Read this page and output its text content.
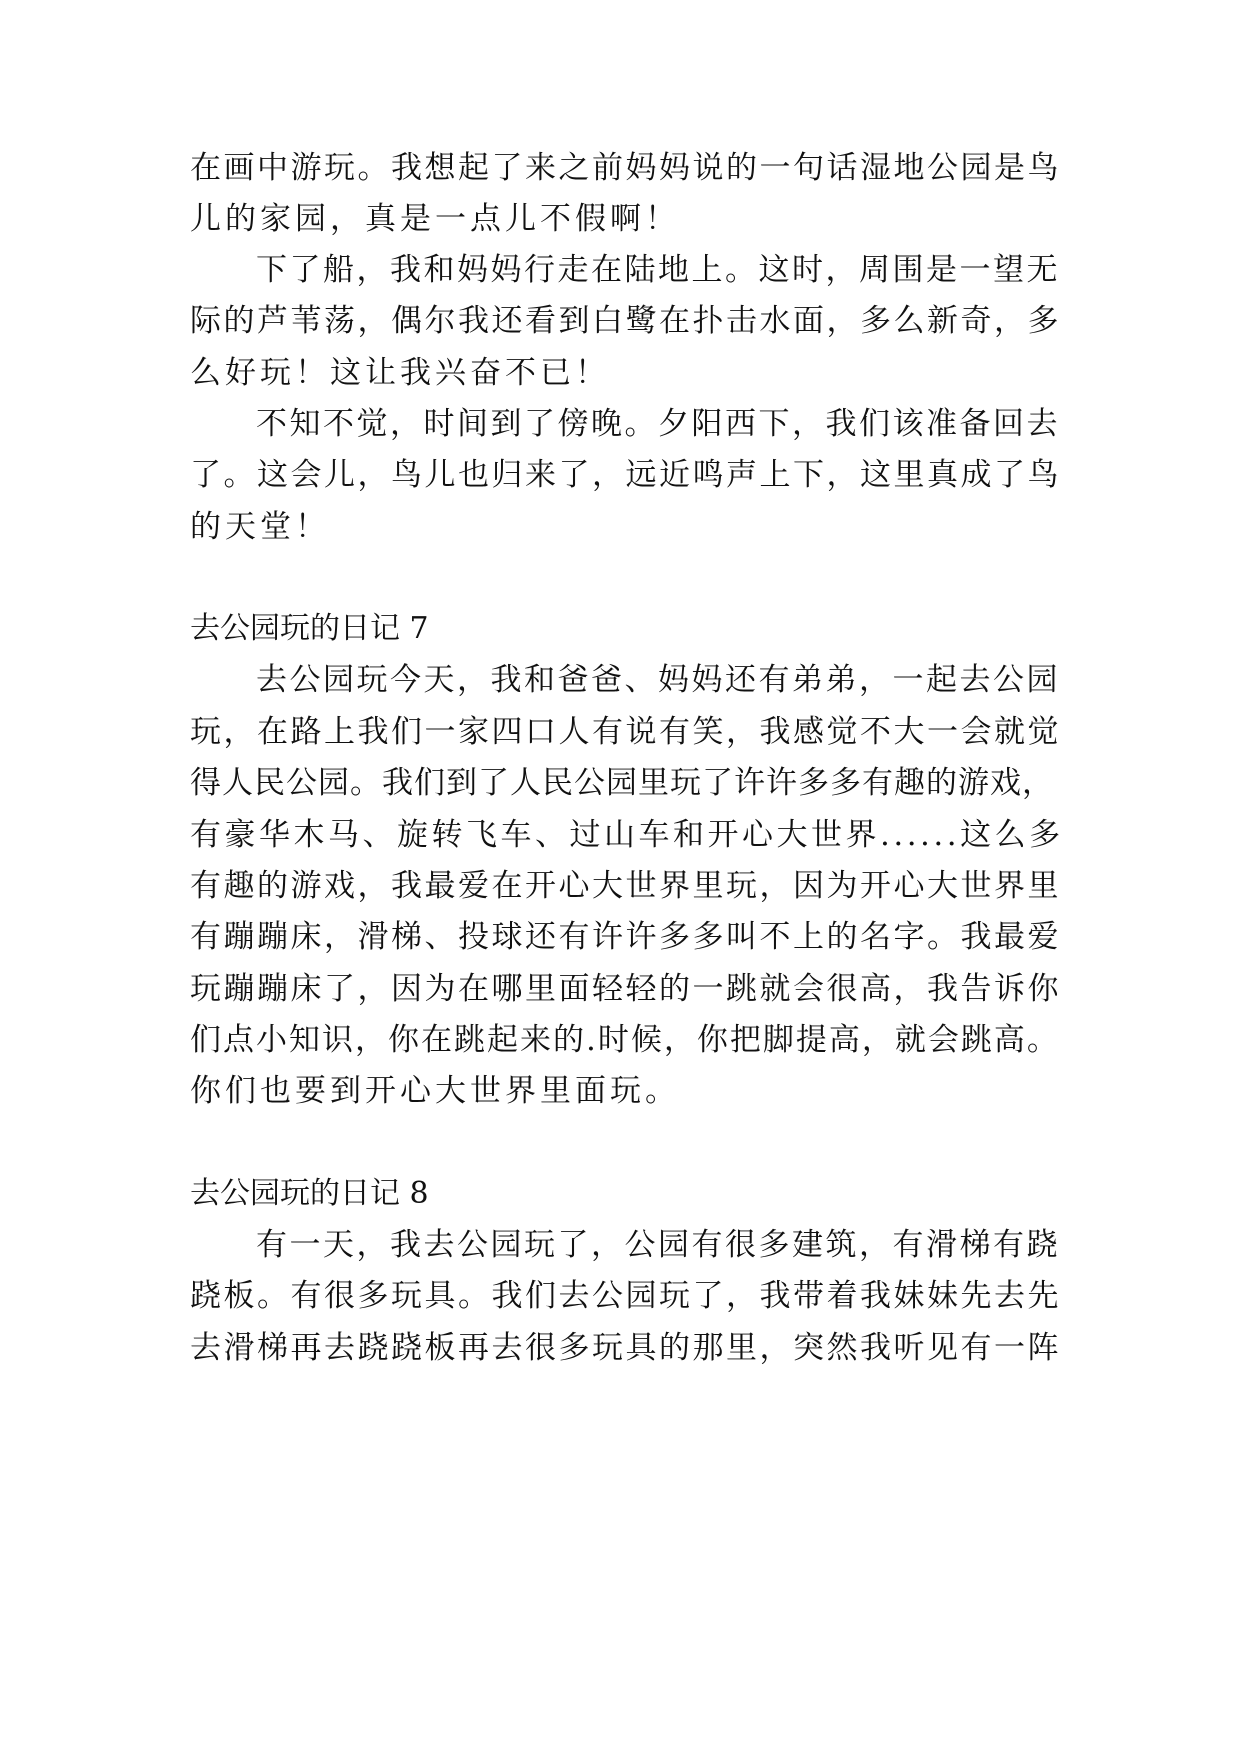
在画中游玩。我想起了来之前妈妈说的一句话湿地公园是鸟
儿的家园，真是一点儿不假啊！
下了船，我和妈妈行走在陆地上。这时，周围是一望无
际的芦苇荡，偶尔我还看到白鹭在扑击水面，多么新奇，多
么好玩！这让我兴奋不已！
不知不觉，时间到了傍晚。夕阳西下，我们该准备回去
了。这会儿，鸟儿也归来了，远近鸣声上下，这里真成了鸟
的天堂！
去公园玩的日记 7
去公园玩今天，我和爸爸、妈妈还有弟弟，一起去公园
玩，在路上我们一家四口人有说有笑，我感觉不大一会就觉
得人民公园。我们到了人民公园里玩了许许多多有趣的游戏，
有豪华木马、旋转飞车、过山车和开心大世界......这么多
有趣的游戏，我最爱在开心大世界里玩，因为开心大世界里
有蹦蹦床，滑梯、投球还有许许多多叫不上的名字。我最爱
玩蹦蹦床了，因为在哪里面轻轻的一跳就会很高，我告诉你
们点小知识，你在跳起来的.时候，你把脚提高，就会跳高。
你们也要到开心大世界里面玩。
去公园玩的日记 8
有一天，我去公园玩了，公园有很多建筑，有滑梯有跷
跷板。有很多玩具。我们去公园玩了，我带着我妹妹先去先
去滑梯再去跷跷板再去很多玩具的那里，突然我听见有一阵
